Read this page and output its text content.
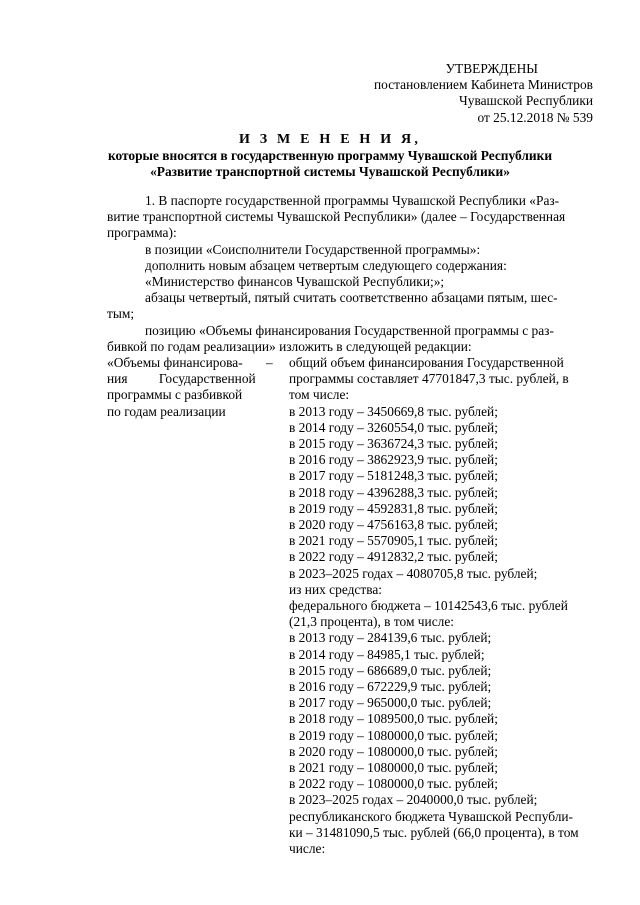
УТВЕРЖДЕНЫ
постановлением Кабинета Министров
Чувашской Республики
от 25.12.2018 № 539
И З М Е Н Е Н И Я,
которые вносятся в государственную программу Чувашской Республики
«Развитие транспортной системы Чувашской Республики»
1. В паспорте государственной программы Чувашской Республики «Раз-
витие транспортной системы Чувашской Республики» (далее – Государственная
программа):
в позиции «Соисполнители Государственной программы»:
дополнить новым абзацем четвертым следующего содержания:
«Министерство финансов Чувашской Республики;»;
абзацы четвертый, пятый считать соответственно абзацами пятым, шес-
тым;
позицию «Объемы финансирования Государственной программы с раз-
бивкой по годам реализации» изложить в следующей редакции:
«Объемы финансирова-
ния Государственной
программы с разбивкой
по годам реализации
– общий объем финансирования Государственной
программы составляет 47701847,3 тыс. рублей, в
том числе:
в 2013 году – 3450669,8 тыс. рублей;
в 2014 году – 3260554,0 тыс. рублей;
в 2015 году – 3636724,3 тыс. рублей;
в 2016 году – 3862923,9 тыс. рублей;
в 2017 году – 5181248,3 тыс. рублей;
в 2018 году – 4396288,3 тыс. рублей;
в 2019 году – 4592831,8 тыс. рублей;
в 2020 году – 4756163,8 тыс. рублей;
в 2021 году – 5570905,1 тыс. рублей;
в 2022 году – 4912832,2 тыс. рублей;
в 2023–2025 годах – 4080705,8 тыс. рублей;
из них средства:
федерального бюджета – 10142543,6 тыс. рублей
(21,3 процента), в том числе:
в 2013 году – 284139,6 тыс. рублей;
в 2014 году – 84985,1 тыс. рублей;
в 2015 году – 686689,0 тыс. рублей;
в 2016 году – 672229,9 тыс. рублей;
в 2017 году – 965000,0 тыс. рублей;
в 2018 году – 1089500,0 тыс. рублей;
в 2019 году – 1080000,0 тыс. рублей;
в 2020 году – 1080000,0 тыс. рублей;
в 2021 году – 1080000,0 тыс. рублей;
в 2022 году – 1080000,0 тыс. рублей;
в 2023–2025 годах – 2040000,0 тыс. рублей;
республиканского бюджета Чувашской Республи-
ки – 31481090,5 тыс. рублей (66,0 процента), в том
числе:
